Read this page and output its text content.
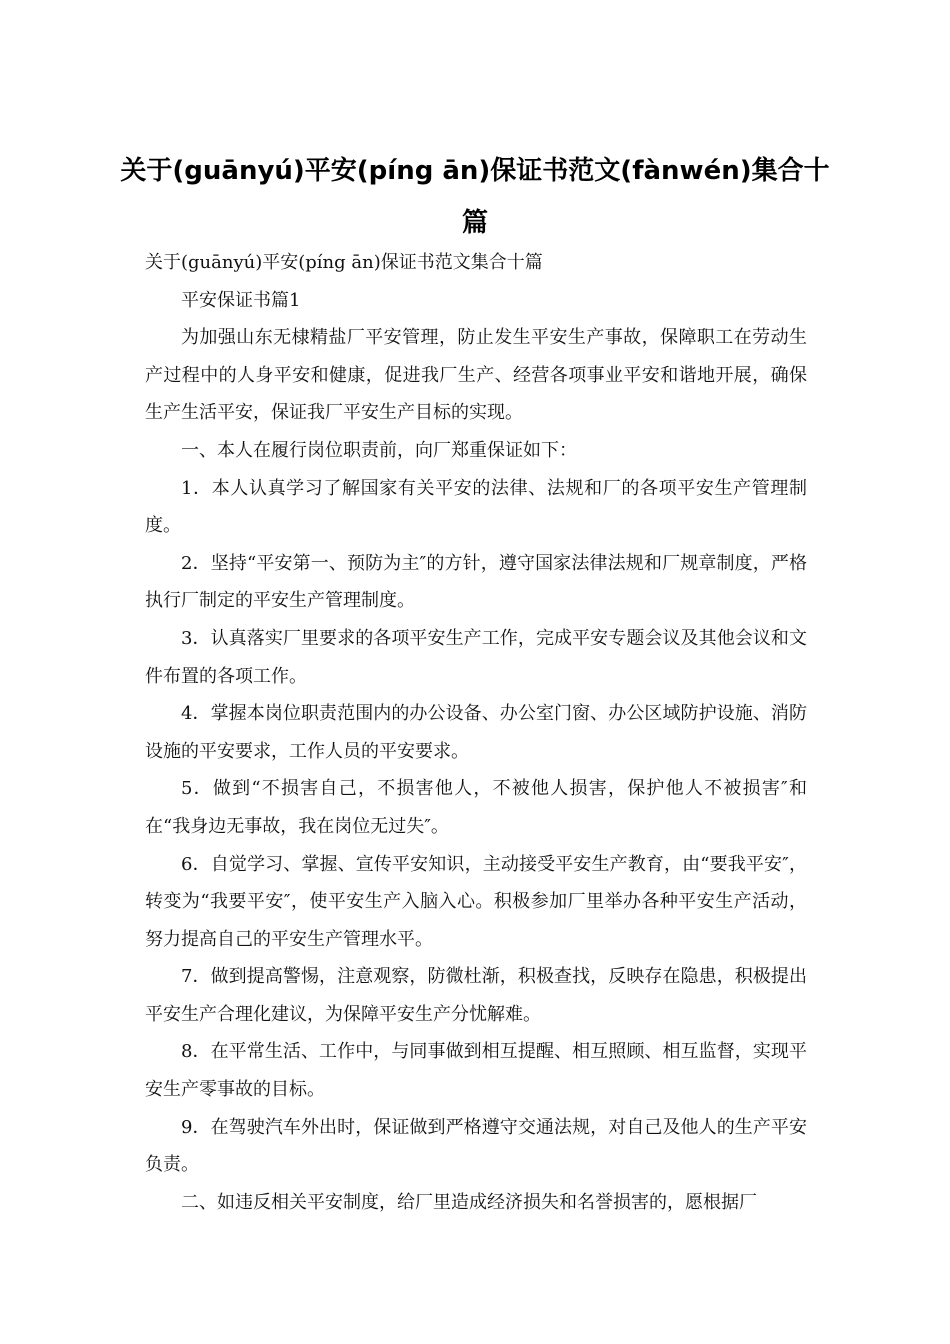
关于(guānyú)平安(píng ān)保证书范文(fànwén)集合十篇

关于(guānyú)平安(píng ān)保证书范文集合十篇

平安保证书篇1

为加强山东无棣精盐厂平安管理，防止发生平安生产事故，保障职工在劳动生产过程中的人身平安和健康，促进我厂生产、经营各项事业平安和谐地开展，确保生产生活平安，保证我厂平安生产目标的实现。

一、本人在履行岗位职责前，向厂郑重保证如下：

1．本人认真学习了解国家有关平安的法律、法规和厂的各项平安生产管理制度。

2．坚持“平安第一、预防为主″的方针，遵守国家法律法规和厂规章制度，严格执行厂制定的平安生产管理制度。

3．认真落实厂里要求的各项平安生产工作，完成平安专题会议及其他会议和文件布置的各项工作。

4．掌握本岗位职责范围内的办公设备、办公室门窗、办公区域防护设施、消防设施的平安要求，工作人员的平安要求。

5．做到“不损害自己，不损害他人，不被他人损害，保护他人不被损害″和在“我身边无事故，我在岗位无过失″。

6．自觉学习、掌握、宣传平安知识，主动接受平安生产教育，由“要我平安″，转变为“我要平安″，使平安生产入脑入心。积极参加厂里举办各种平安生产活动，努力提高自己的平安生产管理水平。

7．做到提高警惕，注意观察，防微杜渐，积极查找，反映存在隐患，积极提出平安生产合理化建议，为保障平安生产分忧解难。

8．在平常生活、工作中，与同事做到相互提醒、相互照顾、相互监督，实现平安生产零事故的目标。

9．在驾驶汽车外出时，保证做到严格遵守交通法规，对自己及他人的生产平安负责。

二、如违反相关平安制度，给厂里造成经济损失和名誉损害的，愿根据厂
